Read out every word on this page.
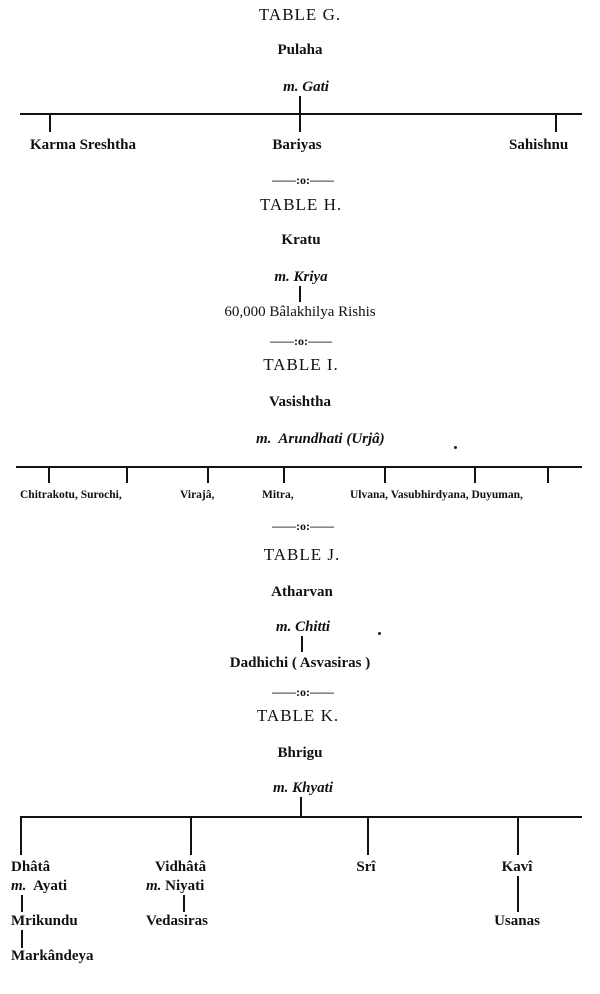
TABLE G.
Pulaha
m. Gati
Karma Sreshtha	Bariyas	Sahishnu
——:o:——
TABLE H.
Kratu
m. Kriya
60,000 Bâlakhilya Rishis
——:o:——
TABLE I.
Vasishtha
m. Arundhati (Urjâ)
Chitrakotu, Surochi,	Virajâ,	Mitra,	Ulvana, Vasubhirdyana, Duyuman,
——:o:——
TABLE J.
Atharvan
m. Chitti
Dadhichi ( Asvasiras )
——:o:——
TABLE K.
Bhrigu
m. Khyati
Dhâtâ
m. Ayati
Mrikundu
Markândeya
Vidhâtâ
m. Niyati
Vedasiras
Srî	Kavî
Usanas
